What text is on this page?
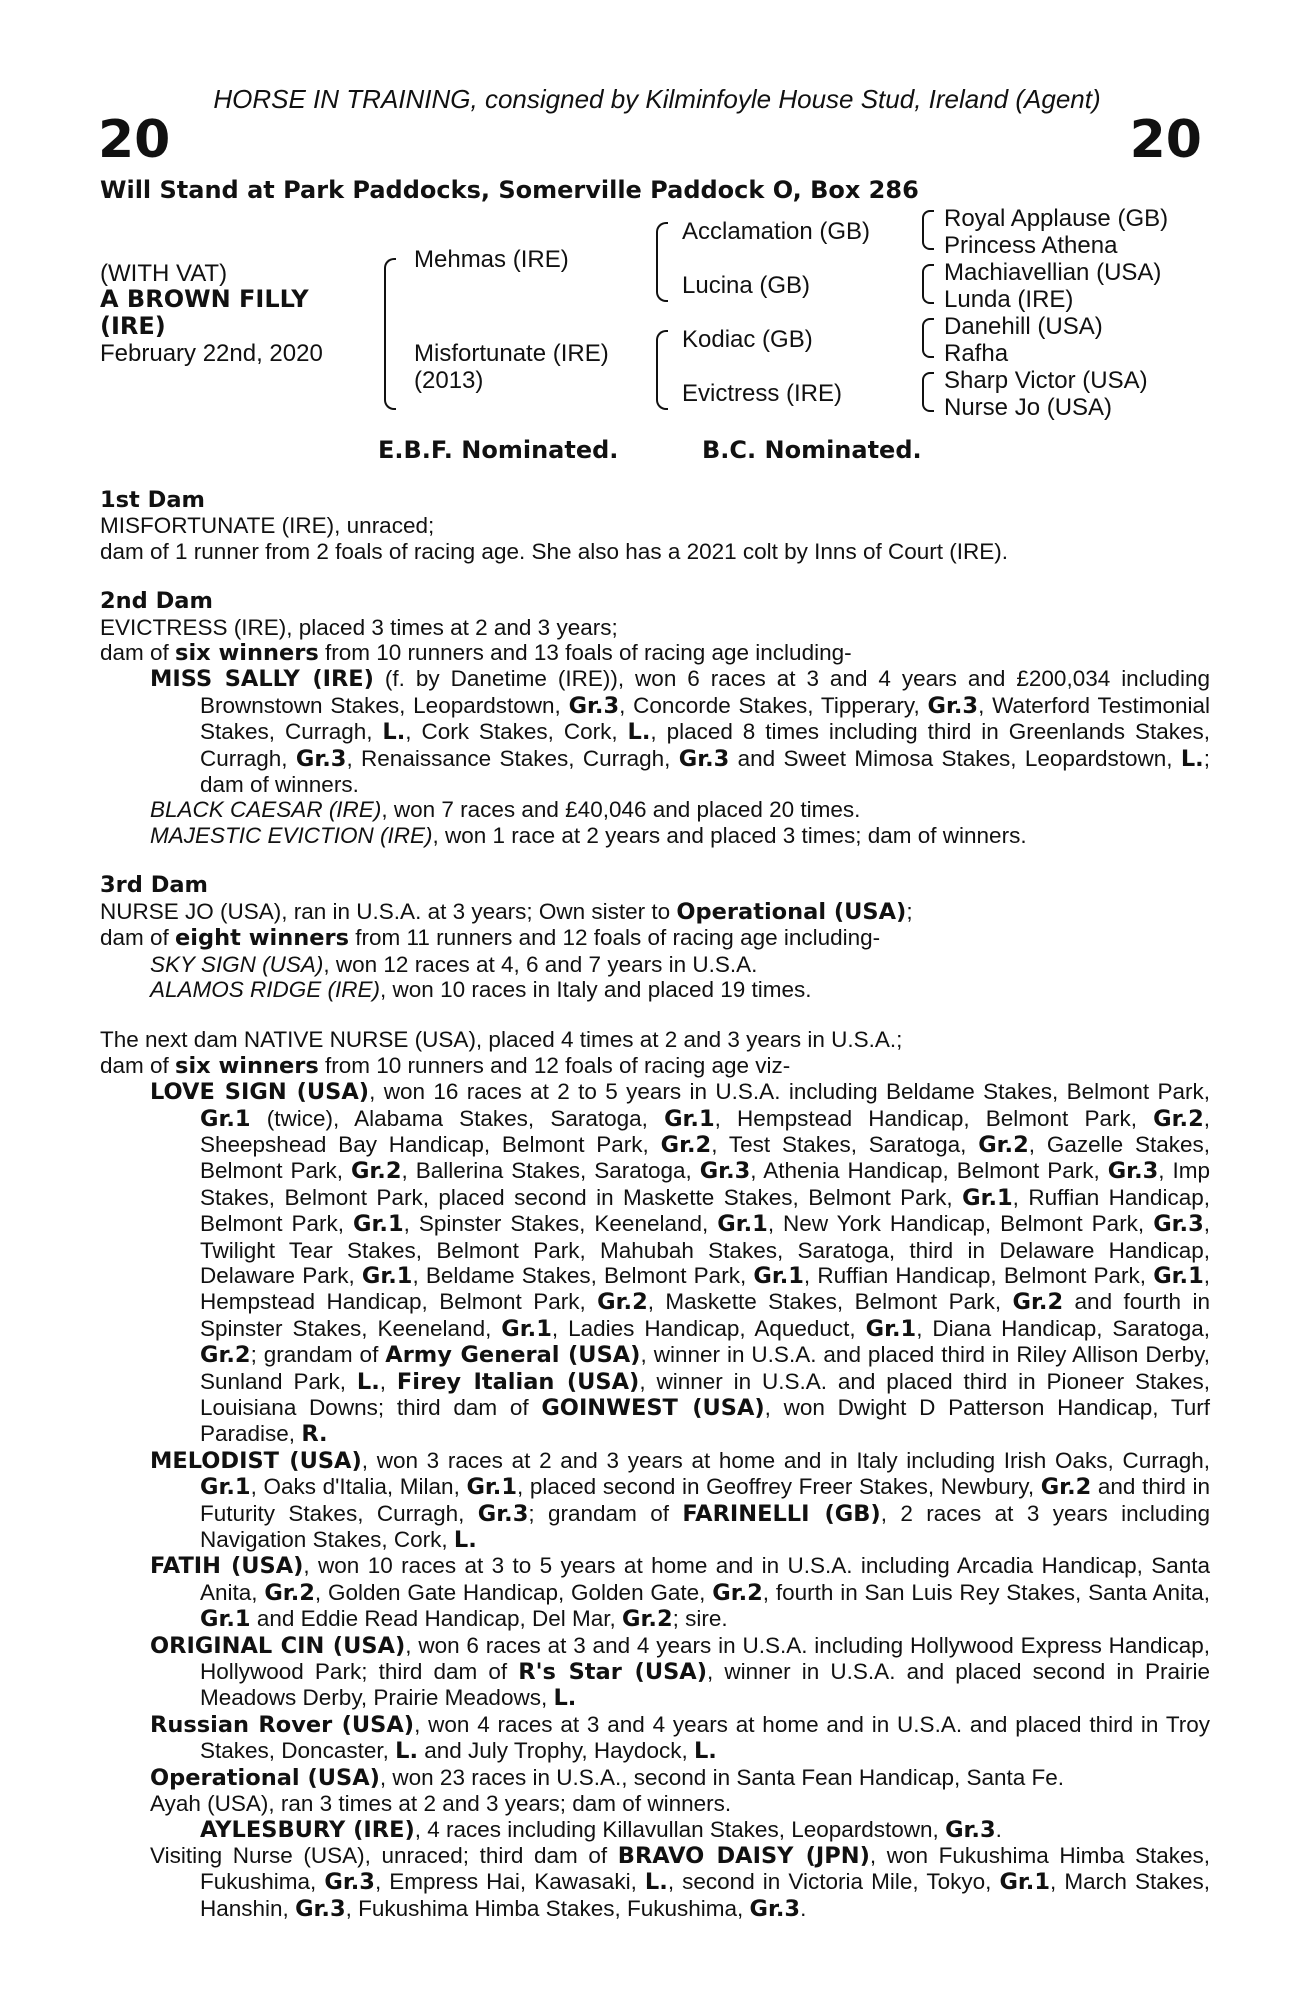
HORSE IN TRAINING, consigned by Kilminfoyle House Stud, Ireland (Agent)
20	20
Will Stand at Park Paddocks, Somerville Paddock O, Box 286
(WITH VAT)
A BROWN FILLY
(IRE)
February 22nd, 2020
Mehmas (IRE)
Misfortunate (IRE)
(2013)
Acclamation (GB)
Lucina (GB)
Kodiac (GB)
Evictress (IRE)
Royal Applause (GB)
Princess Athena
Machiavellian (USA)
Lunda (IRE)
Danehill (USA)
Rafha
Sharp Victor (USA)
Nurse Jo (USA)
E.B.F. Nominated.	B.C. Nominated.

1st Dam

MISFORTUNATE (IRE), unraced;

dam of 1 runner from 2 foals of racing age. She also has a 2021 colt by Inns of Court (IRE).

2nd Dam

EVICTRESS (IRE), placed 3 times at 2 and 3 years;

dam of six winners from 10 runners and 13 foals of racing age including-

MISS SALLY (IRE) (f. by Danetime (IRE)), won 6 races at 3 and 4 years and £200,034 including Brownstown Stakes, Leopardstown, Gr.3, Concorde Stakes, Tipperary, Gr.3, Waterford Testimonial Stakes, Curragh, L., Cork Stakes, Cork, L., placed 8 times including third in Greenlands Stakes, Curragh, Gr.3, Renaissance Stakes, Curragh, Gr.3 and Sweet Mimosa Stakes, Leopardstown, L.; dam of winners.

BLACK CAESAR (IRE), won 7 races and £40,046 and placed 20 times.

MAJESTIC EVICTION (IRE), won 1 race at 2 years and placed 3 times; dam of winners.

3rd Dam

NURSE JO (USA), ran in U.S.A. at 3 years; Own sister to Operational (USA);

dam of eight winners from 11 runners and 12 foals of racing age including-

SKY SIGN (USA), won 12 races at 4, 6 and 7 years in U.S.A.

ALAMOS RIDGE (IRE), won 10 races in Italy and placed 19 times.

The next dam NATIVE NURSE (USA), placed 4 times at 2 and 3 years in U.S.A.;

dam of six winners from 10 runners and 12 foals of racing age viz-

LOVE SIGN (USA), won 16 races at 2 to 5 years in U.S.A. including Beldame Stakes, Belmont Park, Gr.1 (twice), Alabama Stakes, Saratoga, Gr.1, Hempstead Handicap, Belmont Park, Gr.2, Sheepshead Bay Handicap, Belmont Park, Gr.2, Test Stakes, Saratoga, Gr.2, Gazelle Stakes, Belmont Park, Gr.2, Ballerina Stakes, Saratoga, Gr.3, Athenia Handicap, Belmont Park, Gr.3, Imp Stakes, Belmont Park, placed second in Maskette Stakes, Belmont Park, Gr.1, Ruffian Handicap, Belmont Park, Gr.1, Spinster Stakes, Keeneland, Gr.1, New York Handicap, Belmont Park, Gr.3, Twilight Tear Stakes, Belmont Park, Mahubah Stakes, Saratoga, third in Delaware Handicap, Delaware Park, Gr.1, Beldame Stakes, Belmont Park, Gr.1, Ruffian Handicap, Belmont Park, Gr.1, Hempstead Handicap, Belmont Park, Gr.2, Maskette Stakes, Belmont Park, Gr.2 and fourth in Spinster Stakes, Keeneland, Gr.1, Ladies Handicap, Aqueduct, Gr.1, Diana Handicap, Saratoga, Gr.2; grandam of Army General (USA), winner in U.S.A. and placed third in Riley Allison Derby, Sunland Park, L., Firey Italian (USA), winner in U.S.A. and placed third in Pioneer Stakes, Louisiana Downs; third dam of GOINWEST (USA), won Dwight D Patterson Handicap, Turf Paradise, R.

MELODIST (USA), won 3 races at 2 and 3 years at home and in Italy including Irish Oaks, Curragh, Gr.1, Oaks d'Italia, Milan, Gr.1, placed second in Geoffrey Freer Stakes, Newbury, Gr.2 and third in Futurity Stakes, Curragh, Gr.3; grandam of FARINELLI (GB), 2 races at 3 years including Navigation Stakes, Cork, L.

FATIH (USA), won 10 races at 3 to 5 years at home and in U.S.A. including Arcadia Handicap, Santa Anita, Gr.2, Golden Gate Handicap, Golden Gate, Gr.2, fourth in San Luis Rey Stakes, Santa Anita, Gr.1 and Eddie Read Handicap, Del Mar, Gr.2; sire.

ORIGINAL CIN (USA), won 6 races at 3 and 4 years in U.S.A. including Hollywood Express Handicap, Hollywood Park; third dam of R's Star (USA), winner in U.S.A. and placed second in Prairie Meadows Derby, Prairie Meadows, L.

Russian Rover (USA), won 4 races at 3 and 4 years at home and in U.S.A. and placed third in Troy Stakes, Doncaster, L. and July Trophy, Haydock, L.

Operational (USA), won 23 races in U.S.A., second in Santa Fean Handicap, Santa Fe.

Ayah (USA), ran 3 times at 2 and 3 years; dam of winners.

AYLESBURY (IRE), 4 races including Killavullan Stakes, Leopardstown, Gr.3.

Visiting Nurse (USA), unraced; third dam of BRAVO DAISY (JPN), won Fukushima Himba Stakes, Fukushima, Gr.3, Empress Hai, Kawasaki, L., second in Victoria Mile, Tokyo, Gr.1, March Stakes, Hanshin, Gr.3, Fukushima Himba Stakes, Fukushima, Gr.3.
